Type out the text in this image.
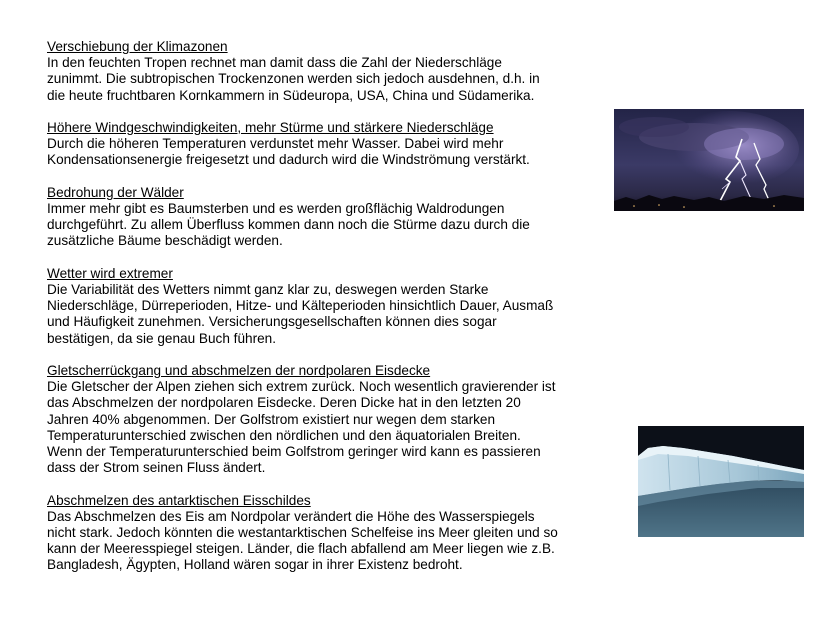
Verschiebung der Klimazonen
In den feuchten Tropen rechnet man damit dass die Zahl der Niederschläge
zunimmt. Die subtropischen Trockenzonen werden sich jedoch ausdehnen, d.h. in
die heute fruchtbaren Kornkammern in Südeuropa, USA, China und Südamerika.
Höhere Windgeschwindigkeiten, mehr Stürme und stärkere Niederschläge
Durch die höheren Temperaturen verdunstet mehr Wasser. Dabei wird mehr
Kondensationsenergie freigesetzt und dadurch wird die Windströmung verstärkt.
Bedrohung der Wälder
Immer mehr gibt es Baumsterben und es werden großflächig Waldrodungen
durchgeführt. Zu allem Überfluss kommen dann noch die Stürme dazu durch die
zusätzliche Bäume beschädigt werden.
Wetter wird extremer
Die Variabilität des Wetters nimmt ganz klar zu, deswegen werden Starke
Niederschläge, Dürreperioden, Hitze- und Kälteperioden hinsichtlich Dauer, Ausmaß
und Häufigkeit zunehmen. Versicherungsgesellschaften können dies sogar
bestätigen, da sie genau Buch führen.
Gletscherrückgang und abschmelzen der nordpolaren Eisdecke
Die Gletscher der Alpen ziehen sich extrem zurück. Noch wesentlich gravierender ist
das Abschmelzen der nordpolaren Eisdecke. Deren Dicke hat in den letzten 20
Jahren 40% abgenommen. Der Golfstrom existiert nur wegen dem starken
Temperaturunterschied zwischen den nördlichen und den äquatorialen Breiten.
Wenn der Temperaturunterschied beim Golfstrom geringer wird kann es passieren
dass der Strom seinen Fluss ändert.
Abschmelzen des antarktischen Eisschildes
Das Abschmelzen des Eis am Nordpolar verändert die Höhe des Wasserspiegels
nicht stark. Jedoch könnten die westantarktischen Schelfeise ins Meer gleiten und so
kann der Meeresspiegel steigen. Länder, die flach abfallend am Meer liegen wie z.B.
Bangladesh, Ägypten, Holland wären sogar in ihrer Existenz bedroht.
